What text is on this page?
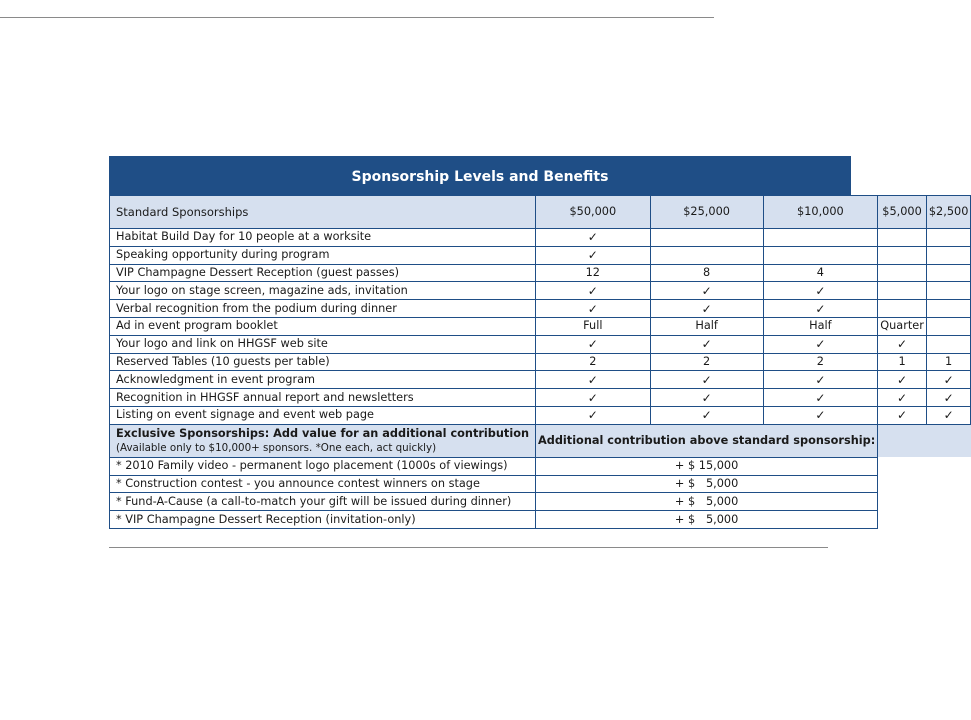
Sponsorship Levels and Benefits
Standard Sponsorships	$50,000	$25,000	$10,000	$5,000	$2,500
Habitat Build Day for 10 people at a worksite	✓				
Speaking opportunity during program	✓				
VIP Champagne Dessert Reception (guest passes)	12	8	4		
Your logo on stage screen, magazine ads, invitation	✓	✓	✓		
Verbal recognition from the podium during dinner	✓	✓	✓		
Ad in event program booklet	Full	Half	Half	Quarter	
Your logo and link on HHGSF web site	✓	✓	✓	✓	
Reserved Tables (10 guests per table)	2	2	2	1	1
Acknowledgment in event program	✓	✓	✓	✓	✓
Recognition in HHGSF annual report and newsletters	✓	✓	✓	✓	✓
Listing on event signage and event web page	✓	✓	✓	✓	✓

Exclusive Sponsorships: Add value for an additional contribution
(Available only to $10,000+ sponsors. *One each, act quickly)	Additional contribution above standard sponsorship:				
* 2010 Family video - permanent logo placement (1000s of viewings)	+ $ 15,000				
* Construction contest - you announce contest winners on stage	+ $   5,000				
* Fund-A-Cause (a call-to-match your gift will be issued during dinner)	+ $   5,000				
* VIP Champagne Dessert Reception (invitation-only)	+ $   5,000				
